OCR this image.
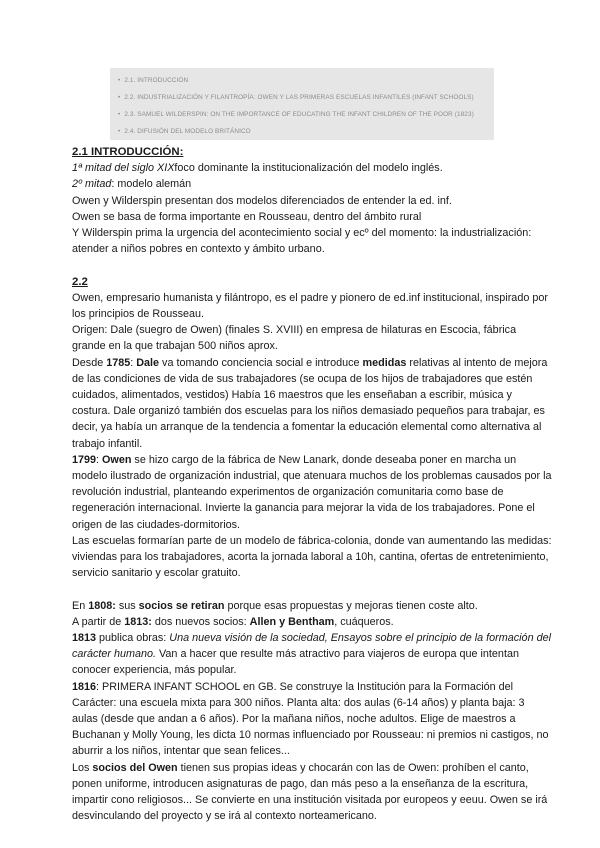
• 2.1. INTRODUCCIÓN
• 2.2. INDUSTRIALIZACIÓN Y FILANTROPÍA: OWEN Y LAS PRIMERAS ESCUELAS INFANTILES (INFANT SCHOOLS)
• 2.3. SAMUEL WILDERSPIN: ON THE IMPORTANCE OF EDUCATING THE INFANT CHILDREN OF THE POOR (1823)
• 2.4. DIFUSIÓN DEL MODELO BRITÁNICO

2.1 INTRODUCCIÓN:

1ª mitad del siglo XIXfoco dominante la institucionalización del modelo inglés.

2º mitad: modelo alemán

Owen y Wilderspin presentan dos modelos diferenciados de entender la ed. inf.

Owen se basa de forma importante en Rousseau, dentro del ámbito rural

Y Wilderspin prima la urgencia del acontecimiento social y ecº del momento: la industrialización: atender a niños pobres en contexto y ámbito urbano.

2.2

Owen, empresario humanista y filántropo, es el padre y pionero de ed.inf institucional, inspirado por los principios de Rousseau.

Origen: Dale (suegro de Owen) (finales S. XVIII) en empresa de hilaturas en Escocia, fábrica grande en la que trabajan 500 niños aprox.

Desde 1785: Dale va tomando conciencia social e introduce medidas relativas al intento de mejora de las condiciones de vida de sus trabajadores (se ocupa de los hijos de trabajadores que estén cuidados, alimentados, vestidos) Había 16 maestros que les enseñaban a escribir, música y costura. Dale organizó también dos escuelas para los niños demasiado pequeños para trabajar, es decir, ya había un arranque de la tendencia a fomentar la educación elemental como alternativa al trabajo infantil.

1799: Owen se hizo cargo de la fábrica de New Lanark, donde deseaba poner en marcha un modelo ilustrado de organización industrial, que atenuara muchos de los problemas causados por la revolución industrial, planteando experimentos de organización comunitaria como base de regeneración internacional. Invierte la ganancia para mejorar la vida de los trabajadores. Pone el origen de las ciudades-dormitorios.

Las escuelas formarían parte de un modelo de fábrica-colonia, donde van aumentando las medidas: viviendas para los trabajadores, acorta la jornada laboral a 10h, cantina, ofertas de entretenimiento, servicio sanitario y escolar gratuito.

En 1808: sus socios se retiran porque esas propuestas y mejoras tienen coste alto.

A partir de 1813: dos nuevos socios: Allen y Bentham, cuáqueros.

1813 publica obras: Una nueva visión de la sociedad, Ensayos sobre el principio de la formación del carácter humano. Van a hacer que resulte más atractivo para viajeros de europa que intentan conocer experiencia, más popular.

1816: PRIMERA INFANT SCHOOL en GB. Se construye la Institución para la Formación del Carácter: una escuela mixta para 300 niños. Planta alta: dos aulas (6-14 años) y planta baja: 3 aulas (desde que andan a 6 años). Por la mañana niños, noche adultos. Elige de maestros a Buchanan y Molly Young, les dicta 10 normas influenciado por Rousseau: ni premios ni castigos, no aburrir a los niños, intentar que sean felices...

Los socios del Owen tienen sus propias ideas y chocarán con las de Owen: prohíben el canto, ponen uniforme, introducen asignaturas de pago, dan más peso a la enseñanza de la escritura, impartir cono religiosos... Se convierte en una institución visitada por europeos y eeuu. Owen se irá desvinculando del proyecto y se irá al contexto norteamericano.
